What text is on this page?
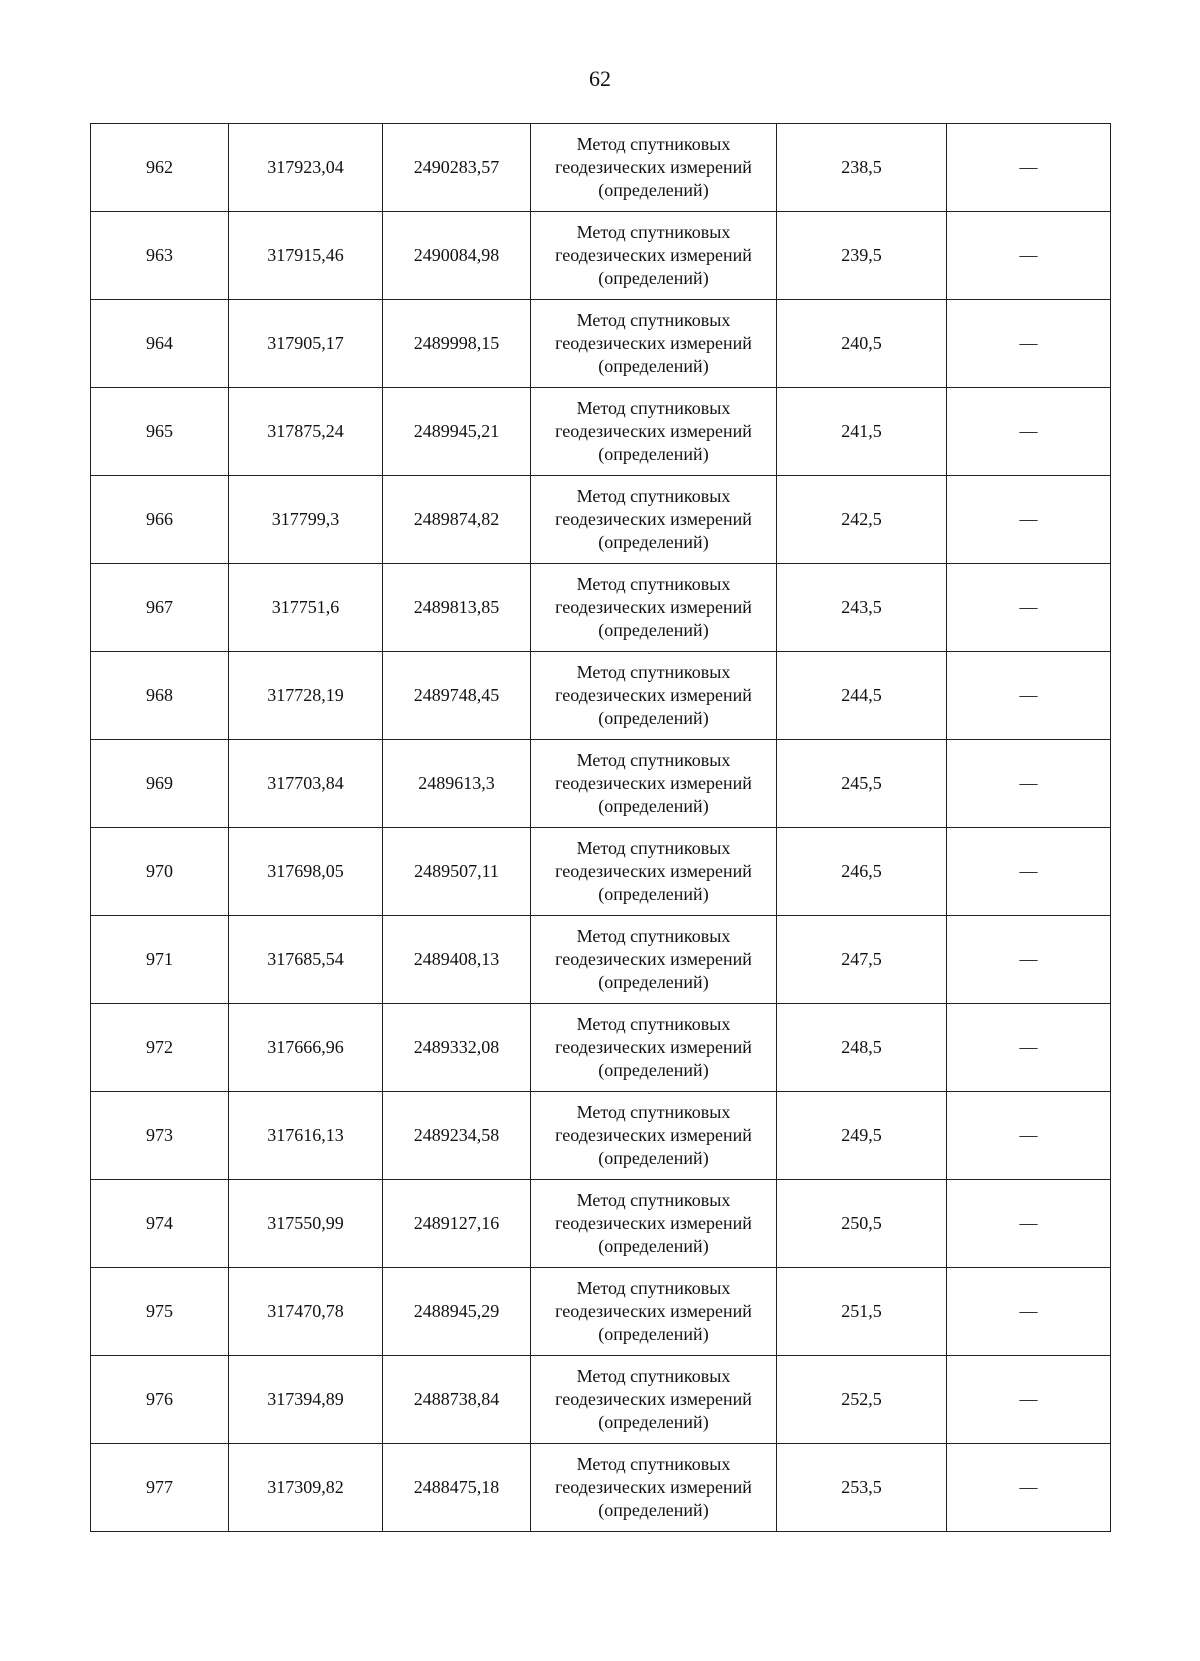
62
962	317923,04	2490283,57	Метод спутниковых
геодезических измерений
(определений)	238,5	—
963	317915,46	2490084,98	Метод спутниковых
геодезических измерений
(определений)	239,5	—
964	317905,17	2489998,15	Метод спутниковых
геодезических измерений
(определений)	240,5	—
965	317875,24	2489945,21	Метод спутниковых
геодезических измерений
(определений)	241,5	—
966	317799,3	2489874,82	Метод спутниковых
геодезических измерений
(определений)	242,5	—
967	317751,6	2489813,85	Метод спутниковых
геодезических измерений
(определений)	243,5	—
968	317728,19	2489748,45	Метод спутниковых
геодезических измерений
(определений)	244,5	—
969	317703,84	2489613,3	Метод спутниковых
геодезических измерений
(определений)	245,5	—
970	317698,05	2489507,11	Метод спутниковых
геодезических измерений
(определений)	246,5	—
971	317685,54	2489408,13	Метод спутниковых
геодезических измерений
(определений)	247,5	—
972	317666,96	2489332,08	Метод спутниковых
геодезических измерений
(определений)	248,5	—
973	317616,13	2489234,58	Метод спутниковых
геодезических измерений
(определений)	249,5	—
974	317550,99	2489127,16	Метод спутниковых
геодезических измерений
(определений)	250,5	—
975	317470,78	2488945,29	Метод спутниковых
геодезических измерений
(определений)	251,5	—
976	317394,89	2488738,84	Метод спутниковых
геодезических измерений
(определений)	252,5	—
977	317309,82	2488475,18	Метод спутниковых
геодезических измерений
(определений)	253,5	—
